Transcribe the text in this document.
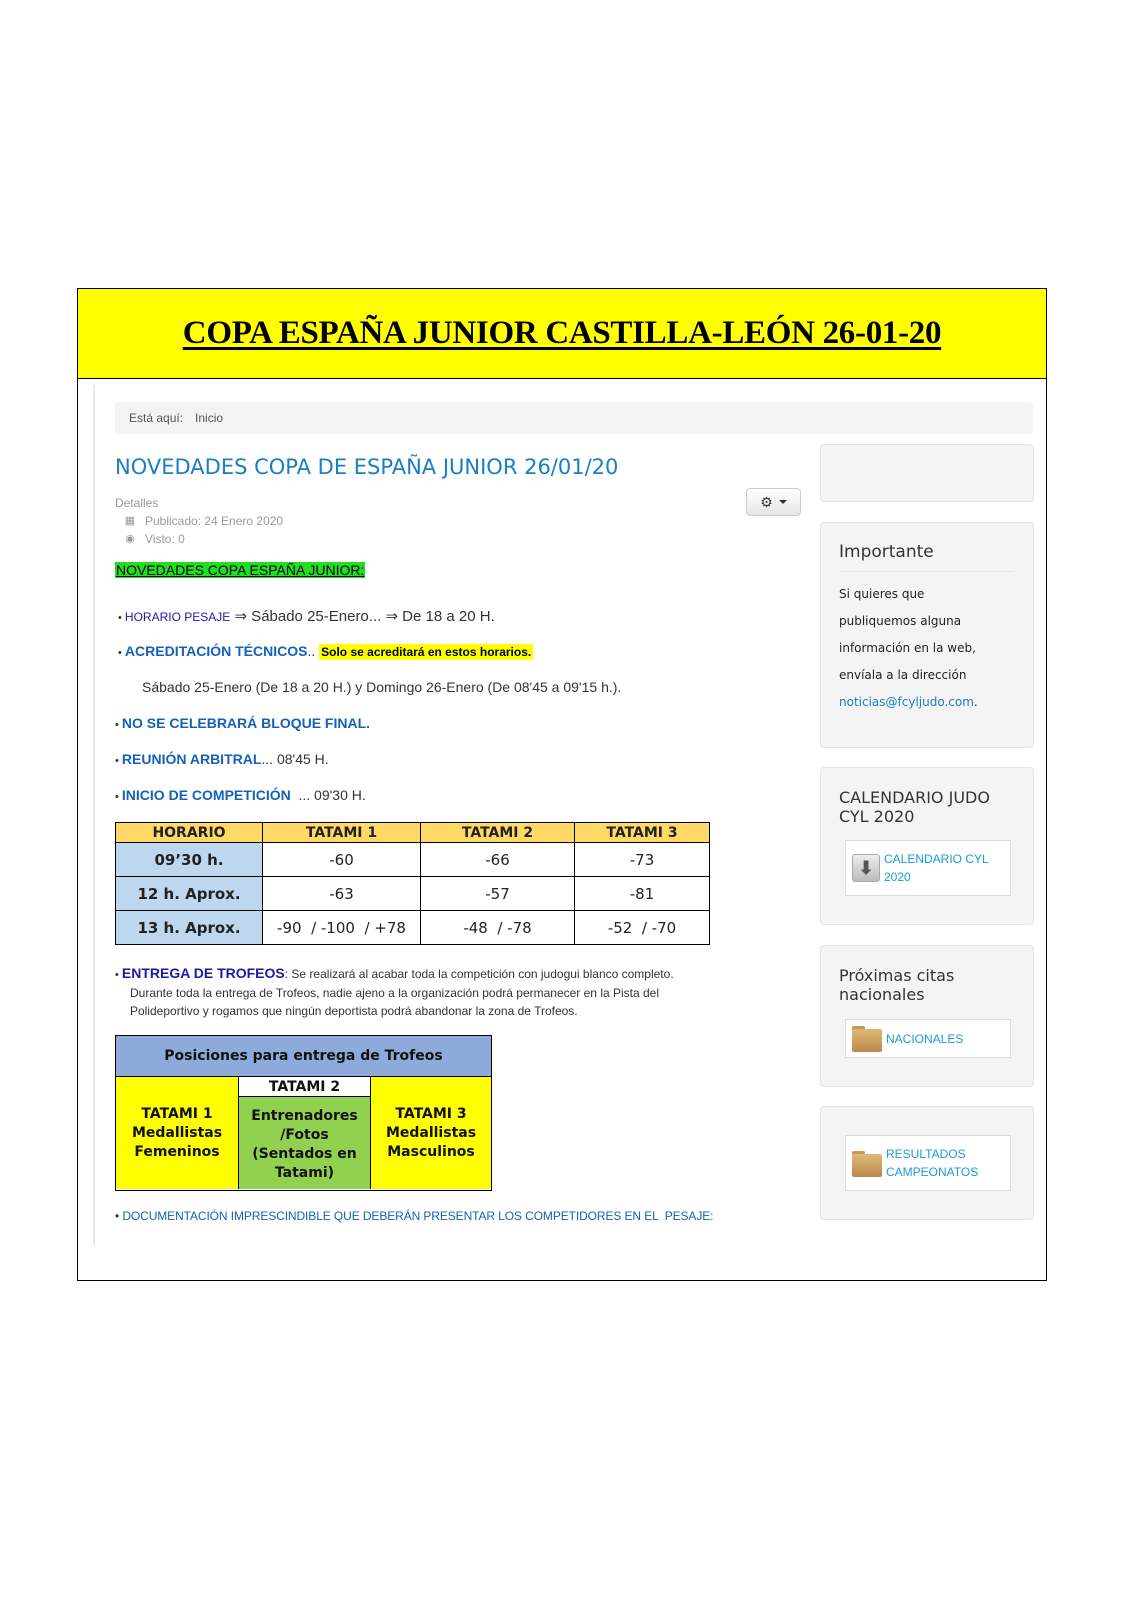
COPA ESPAÑA JUNIOR CASTILLA-LEÓN 26-01-20
Está aquí: Inicio
NOVEDADES COPA DE ESPAÑA JUNIOR 26/01/20
Detalles
▦ Publicado: 24 Enero 2020
◉ Visto: 0
⚙
NOVEDADES COPA ESPAÑA JUNIOR:
• HORARIO PESAJE ⇒ Sábado 25-Enero... ⇒ De 18 a 20 H.
• ACREDITACIÓN TÉCNICOS.. Solo se acreditará en estos horarios.
Sábado 25-Enero (De 18 a 20 H.) y Domingo 26-Enero (De 08'45 a 09'15 h.).
• NO SE CELEBRARÁ BLOQUE FINAL.
• REUNIÓN ARBITRAL... 08'45 H.
• INICIO DE COMPETICIÓN  ... 09'30 H.
HORARIO	TATAMI 1	TATAMI 2	TATAMI 3
09’30 h.	-60	-66	-73
12 h. Aprox.	-63	-57	-81
13 h. Aprox.	-90  / -100  / +78	-48  / -78	-52  / -70
• ENTREGA DE TROFEOS: Se realizará al acabar toda la competición con judogui blanco completo.
Durante toda la entrega de Trofeos, nadie ajeno a la organización podrá permanecer en la Pista del
Polideportivo y rogamos que ningún deportista podrá abandonar la zona de Trofeos.
Posiciones para entrega de Trofeos
TATAMI 1
Medallistas
Femeninos
TATAMI 2
Entrenadores
/Fotos
(Sentados en
Tatami)
TATAMI 3
Medallistas
Masculinos
• DOCUMENTACIÓN IMPRESCINDIBLE QUE DEBERÁN PRESENTAR LOS COMPETIDORES EN EL  PESAJE:
Importante
Si quieres que
publiquemos alguna
información en la web,
envíala a la dirección
noticias@fcyljudo.com.
CALENDARIO JUDO
CYL 2020
⬇ CALENDARIO CYL
2020
Próximas citas
nacionales
NACIONALES
RESULTADOS
CAMPEONATOS
